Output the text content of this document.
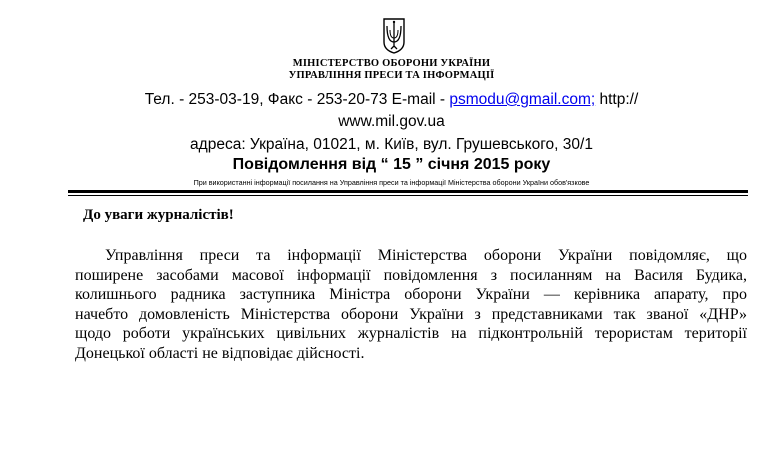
МІНІСТЕРСТВО ОБОРОНИ УКРАЇНИ
УПРАВЛІННЯ ПРЕСИ ТА ІНФОРМАЦІЇ
Тел. - 253-03-19, Факс - 253-20-73 E-mail - psmodu@gmail.com; http://
www.mil.gov.ua
адреса: Україна, 01021, м. Київ, вул. Грушевського, 30/1
Повідомлення від “ 15 ” січня 2015 року
При використанні інформації посилання на Управління преси та інформації Міністерства оборони України обов'язкове
До уваги журналістів!
Управління преси та інформації Міністерства оборони України повідомляє, що
поширене засобами масової інформації повідомлення з посиланням на Василя Будика,
колишнього радника заступника Міністра оборони України — керівника апарату, про
начебто домовленість Міністерства оборони України з представниками так званої «ДНР»
щодо роботи українських цивільних журналістів на підконтрольній терористам території
Донецької області не відповідає дійсності.
